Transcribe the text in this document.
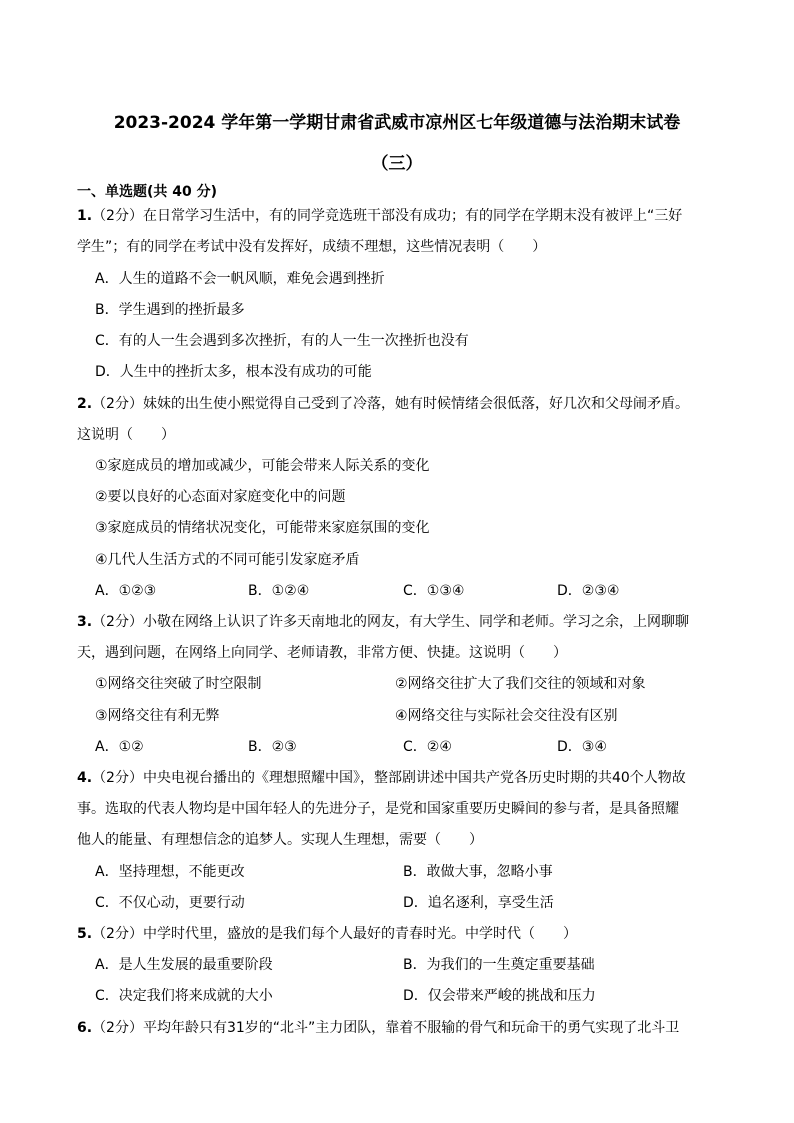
2023-2024 学年第一学期甘肃省武威市凉州区七年级道德与法治期末试卷
（三）
一、单选题(共 40 分)
1.（2分）在日常学习生活中，有的同学竞选班干部没有成功；有的同学在学期末没有被评上“三好
学生”；有的同学在考试中没有发挥好，成绩不理想，这些情况表明（　　）
A．人生的道路不会一帆风顺，难免会遇到挫折
B．学生遇到的挫折最多
C．有的人一生会遇到多次挫折，有的人一生一次挫折也没有
D．人生中的挫折太多，根本没有成功的可能
2.（2分）妹妹的出生使小熙觉得自己受到了冷落，她有时候情绪会很低落，好几次和父母闹矛盾。
这说明（　　）
①家庭成员的增加或减少，可能会带来人际关系的变化
②要以良好的心态面对家庭变化中的问题
③家庭成员的情绪状况变化，可能带来家庭氛围的变化
④几代人生活方式的不同可能引发家庭矛盾
A．①②③	B．①②④	C．①③④	D．②③④
3.（2分）小敬在网络上认识了许多天南地北的网友，有大学生、同学和老师。学习之余，上网聊聊
天，遇到问题，在网络上向同学、老师请教，非常方便、快捷。这说明（　　）
①网络交往突破了时空限制	②网络交往扩大了我们交往的领域和对象
③网络交往有利无弊	④网络交往与实际社会交往没有区别
A．①②	B．②③	C．②④	D．③④
4.（2分）中央电视台播出的《理想照耀中国》，整部剧讲述中国共产党各历史时期的共40个人物故
事。选取的代表人物均是中国年轻人的先进分子，是党和国家重要历史瞬间的参与者，是具备照耀
他人的能量、有理想信念的追梦人。实现人生理想，需要（　　）
A．坚持理想，不能更改	B．敢做大事，忽略小事
C．不仅心动，更要行动	D．追名逐利，享受生活
5.（2分）中学时代里，盛放的是我们每个人最好的青春时光。中学时代（　　）
A．是人生发展的最重要阶段	B．为我们的一生奠定重要基础
C．决定我们将来成就的大小	D．仅会带来严峻的挑战和压力
6.（2分）平均年龄只有31岁的“北斗”主力团队，靠着不服输的骨气和玩命干的勇气实现了北斗卫
